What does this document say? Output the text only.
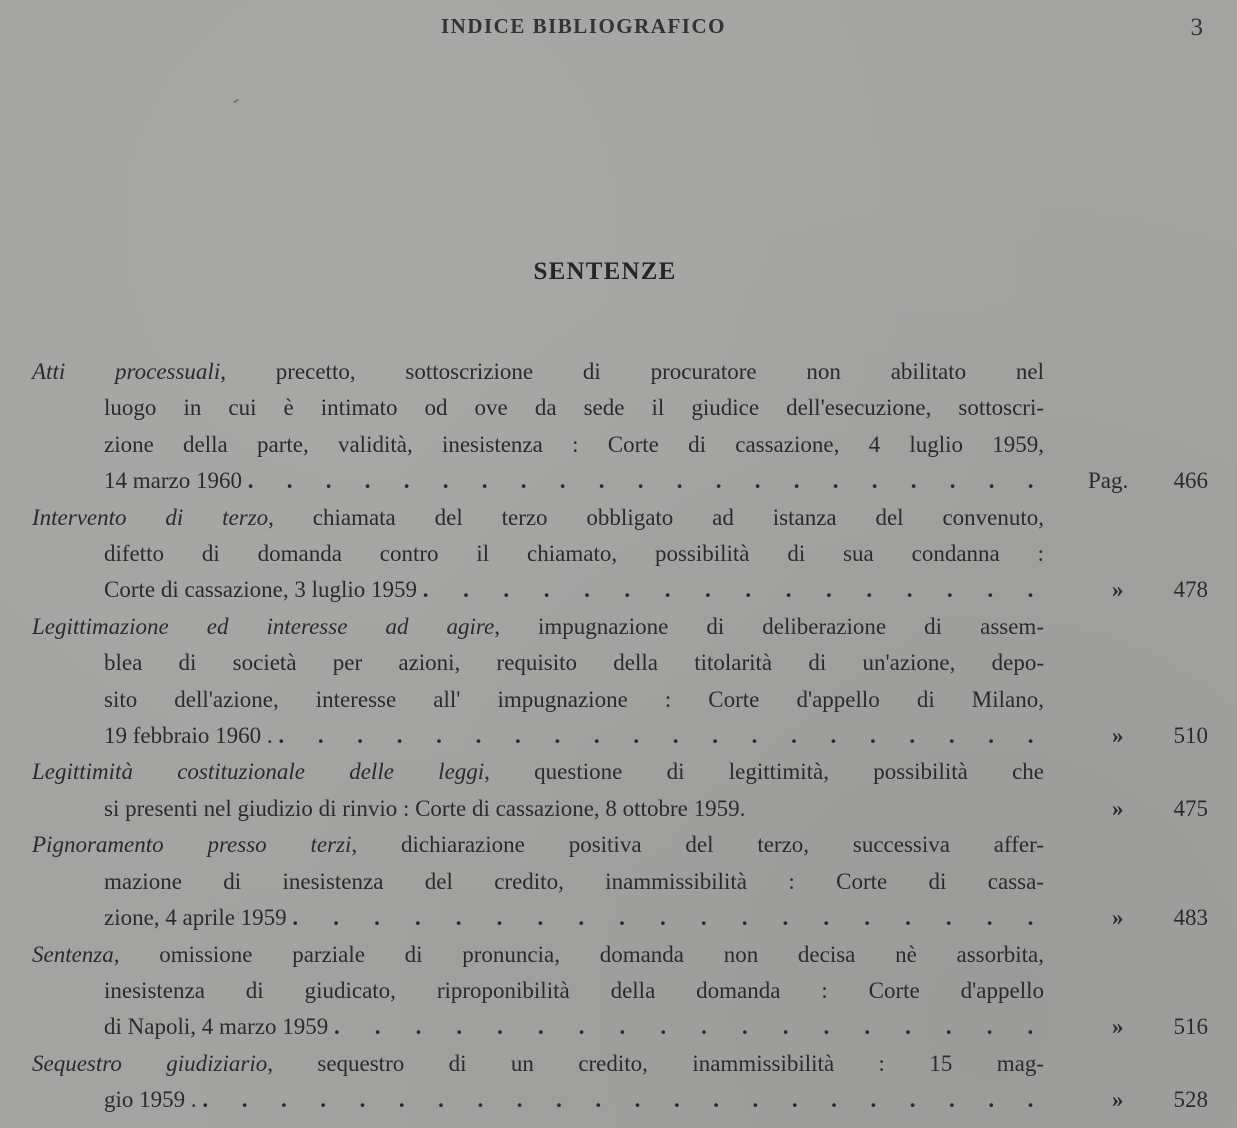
INDICE BIBLIOGRAFICO	3
SENTENZE
Atti processuali, precetto, sottoscrizione di procuratore non abilitato nel
luogo in cui è intimato od ove da sede il giudice dell'esecuzione, sottoscri-
zione della parte, validità, inesistenza : Corte di cassazione, 4 luglio 1959,
14 marzo 1960 . . . . . . . . . . . . . . . . . . . . . Pag. 466
Intervento di terzo, chiamata del terzo obbligato ad istanza del convenuto,
difetto di domanda contro il chiamato, possibilità di sua condanna :
Corte di cassazione, 3 luglio 1959 . . . . . . . . . . . . . . . .	» 478
Legittimazione ed interesse ad agire, impugnazione di deliberazione di assem-
blea di società per azioni, requisito della titolarità di un'azione, depo-
sito dell'azione, interesse all' impugnazione : Corte d'appello di Milano,
19 febbraio 1960 . . . . . . . . . . . . . . . . . . . . .	» 510
Legittimità costituzionale delle leggi, questione di legittimità, possibilità che
si presenti nel giudizio di rinvio : Corte di cassazione, 8 ottobre 1959.	» 475
Pignoramento presso terzi, dichiarazione positiva del terzo, successiva affer-
mazione di inesistenza del credito, inammissibilità : Corte di cassa-
zione, 4 aprile 1959 . . . . . . . . . . . . . . . . . . .	» 483
Sentenza, omissione parziale di pronuncia, domanda non decisa nè assorbita,
inesistenza di giudicato, riproponibilità della domanda : Corte d'appello
di Napoli, 4 marzo 1959 . . . . . . . . . . . . . . . . . .	» 516
Sequestro giudiziario, sequestro di un credito, inammissibilità : 15 mag-
gio 1959 . . . . . . . . . . . . . . . . . . . . . . .	» 528
